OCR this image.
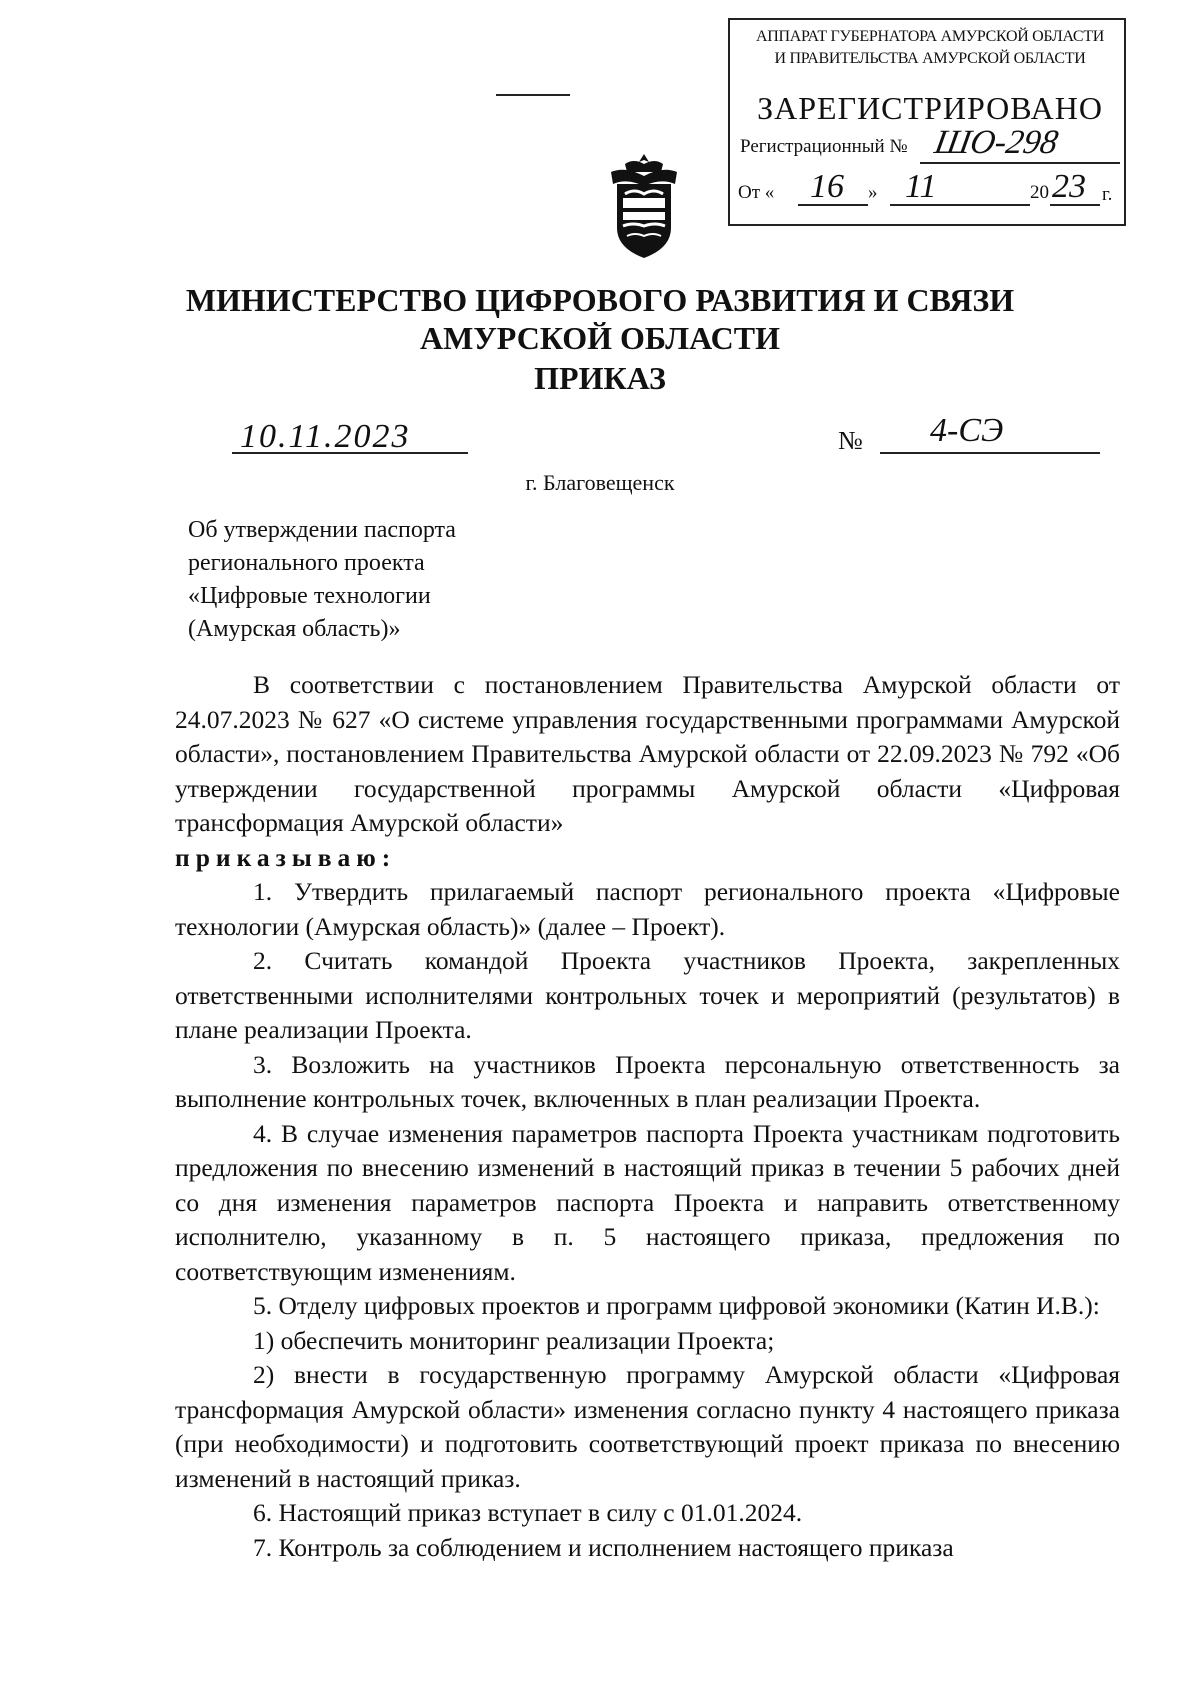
АППАРАТ ГУБЕРНАТОРА АМУРСКОЙ ОБЛАСТИ
И ПРАВИТЕЛЬСТВА АМУРСКОЙ ОБЛАСТИ
ЗАРЕГИСТРИРОВАНО
Регистрационный № ШО-298
От « 16 » 11	20 23 г.
МИНИСТЕРСТВО ЦИФРОВОГО РАЗВИТИЯ И СВЯЗИ
АМУРСКОЙ ОБЛАСТИ
ПРИКАЗ
10.11.2023	№ 4-СЭ
г. Благовещенск
Об утверждении паспорта
регионального проекта
«Цифровые технологии
(Амурская область)»

В соответствии с постановлением Правительства Амурской области от 24.07.2023 № 627 «О системе управления государственными программами Амурской области», постановлением Правительства Амурской области от 22.09.2023 № 792 «Об утверждении государственной программы Амурской области «Цифровая трансформация Амурской области»

приказываю:

1. Утвердить прилагаемый паспорт регионального проекта «Цифровые технологии (Амурская область)» (далее – Проект).

2. Считать командой Проекта участников Проекта, закрепленных ответственными исполнителями контрольных точек и мероприятий (результатов) в плане реализации Проекта.

3. Возложить на участников Проекта персональную ответственность за выполнение контрольных точек, включенных в план реализации Проекта.

4. В случае изменения параметров паспорта Проекта участникам подготовить предложения по внесению изменений в настоящий приказ в течении 5 рабочих дней со дня изменения параметров паспорта Проекта и направить ответственному исполнителю, указанному в п. 5 настоящего приказа, предложения по соответствующим изменениям.

5. Отделу цифровых проектов и программ цифровой экономики (Катин И.В.):

1) обеспечить мониторинг реализации Проекта;

2) внести в государственную программу Амурской области «Цифровая трансформация Амурской области» изменения согласно пункту 4 настоящего приказа (при необходимости) и подготовить соответствующий проект приказа по внесению изменений в настоящий приказ.

6. Настоящий приказ вступает в силу с 01.01.2024.

7. Контроль за соблюдением и исполнением настоящего приказа
